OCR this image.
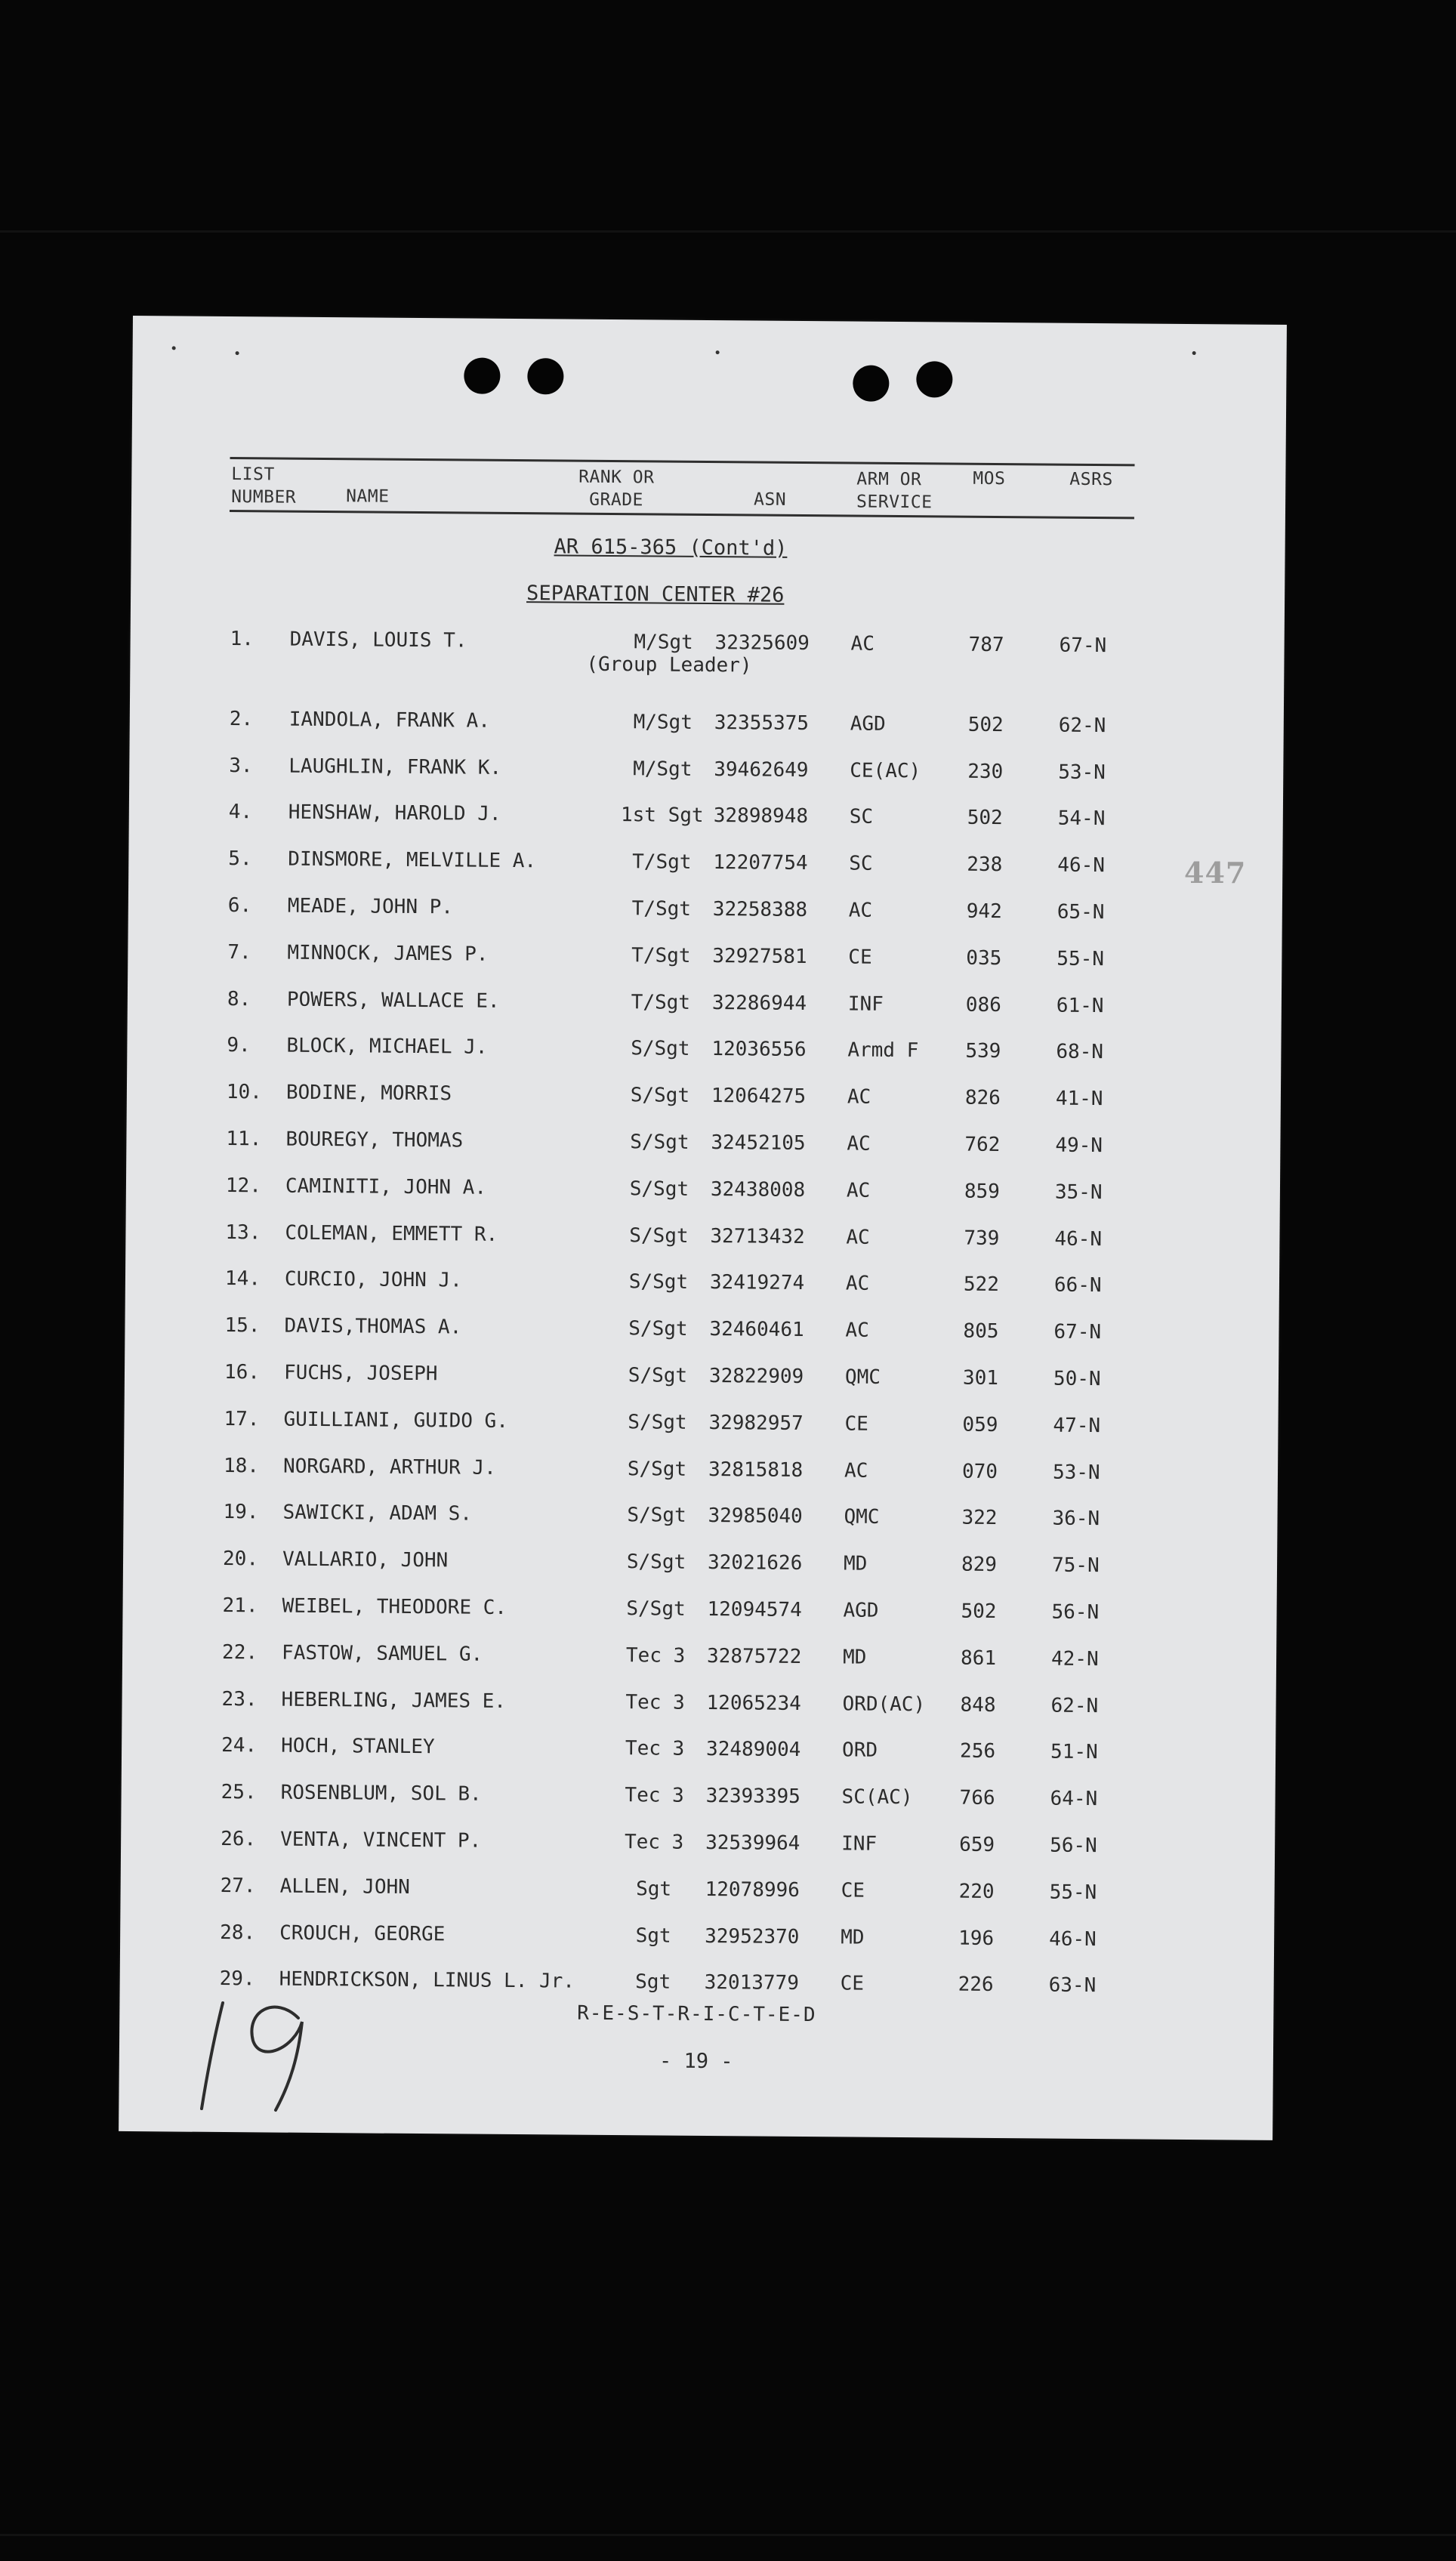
LIST NUMBER	NAME
RANK OR GRADE	ASN
ARM OR SERVICE
MOS	ASRS
AR 615-365 (Cont'd)
SEPARATION CENTER #26
1.	DAVIS, LOUIS T.	M/Sgt	32325609 AC	787	67-N
(Group Leader)
2.	IANDOLA, FRANK A.	M/Sgt	32355375 AGD	502	62-N
3.	LAUGHLIN, FRANK K.	M/Sgt	39462649 CE(AC) 230	53-N
4.	HENSHAW, HAROLD J.	1st Sgt 32898948 SC	502	54-N
5.	DINSMORE, MELVILLE A.	T/Sgt	12207754 SC	238	46-N
6.	MEADE, JOHN P.	T/Sgt	32258388 AC	942	65-N
7.	MINNOCK, JAMES P.	T/Sgt	32927581 CE	035	55-N
8.	POWERS, WALLACE E.	T/Sgt	32286944 INF	086	61-N
9.	BLOCK, MICHAEL J.	S/Sgt	12036556 Armd F 539	68-N
10.	BODINE, MORRIS	S/Sgt	12064275 AC	826	41-N
11.	BOUREGY, THOMAS	S/Sgt	32452105 AC	762	49-N
12.	CAMINITI, JOHN A.	S/Sgt	32438008 AC	859	35-N
13.	COLEMAN, EMMETT R.	S/Sgt	32713432 AC	739	46-N
14.	CURCIO, JOHN J.	S/Sgt	32419274 AC	522	66-N
15.	DAVIS,THOMAS A.	S/Sgt	32460461 AC	805	67-N
16.	FUCHS, JOSEPH	S/Sgt	32822909 QMC	301	50-N
17.	GUILLIANI, GUIDO G.	S/Sgt	32982957 CE	059	47-N
18.	NORGARD, ARTHUR J.	S/Sgt	32815818 AC	070	53-N
19.	SAWICKI, ADAM S.	S/Sgt	32985040 QMC	322	36-N
20.	VALLARIO, JOHN	S/Sgt	32021626 MD	829	75-N
21.	WEIBEL, THEODORE C.	S/Sgt	12094574 AGD	502	56-N
22.	FASTOW, SAMUEL G.	Tec 3	32875722 MD	861	42-N
23.	HEBERLING, JAMES E.	Tec 3	12065234 ORD(AC) 848	62-N
24.	HOCH, STANLEY	Tec 3	32489004 ORD	256	51-N
25.	ROSENBLUM, SOL B.	Tec 3	32393395 SC(AC) 766	64-N
26.	VENTA, VINCENT P.	Tec 3	32539964 INF	659	56-N
27.	ALLEN, JOHN	Sgt	12078996 CE	220	55-N
28.	CROUCH, GEORGE	Sgt	32952370 MD	196	46-N
29.	HENDRICKSON, LINUS L. Jr.	Sgt	32013779 CE	226	63-N
R-E-S-T-R-I-C-T-E-D
- 19 -
447
